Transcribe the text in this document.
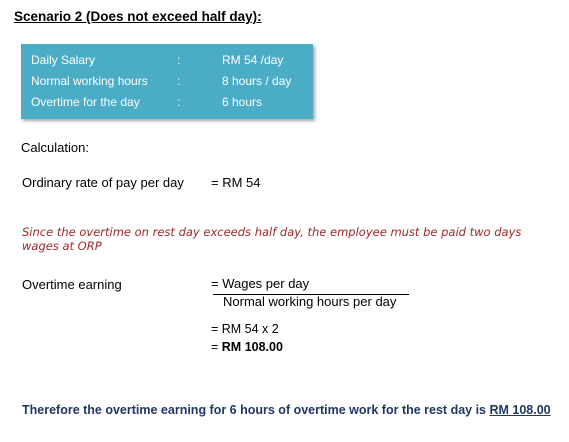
Scenario 2 (Does not exceed half day):
Daily Salary	:	RM 54 /day
Normal working hours :	8 hours / day
Overtime for the day	:	6 hours
Calculation:
Ordinary rate of pay per day = RM 54
Since the overtime on rest day exceeds half day, the employee must be paid two days wages at ORP
Overtime earning	= Wages per day
Normal working hours per day
= RM 54 x 2
= RM 108.00
Therefore the overtime earning for 6 hours of overtime work for the rest day is RM 108.00
